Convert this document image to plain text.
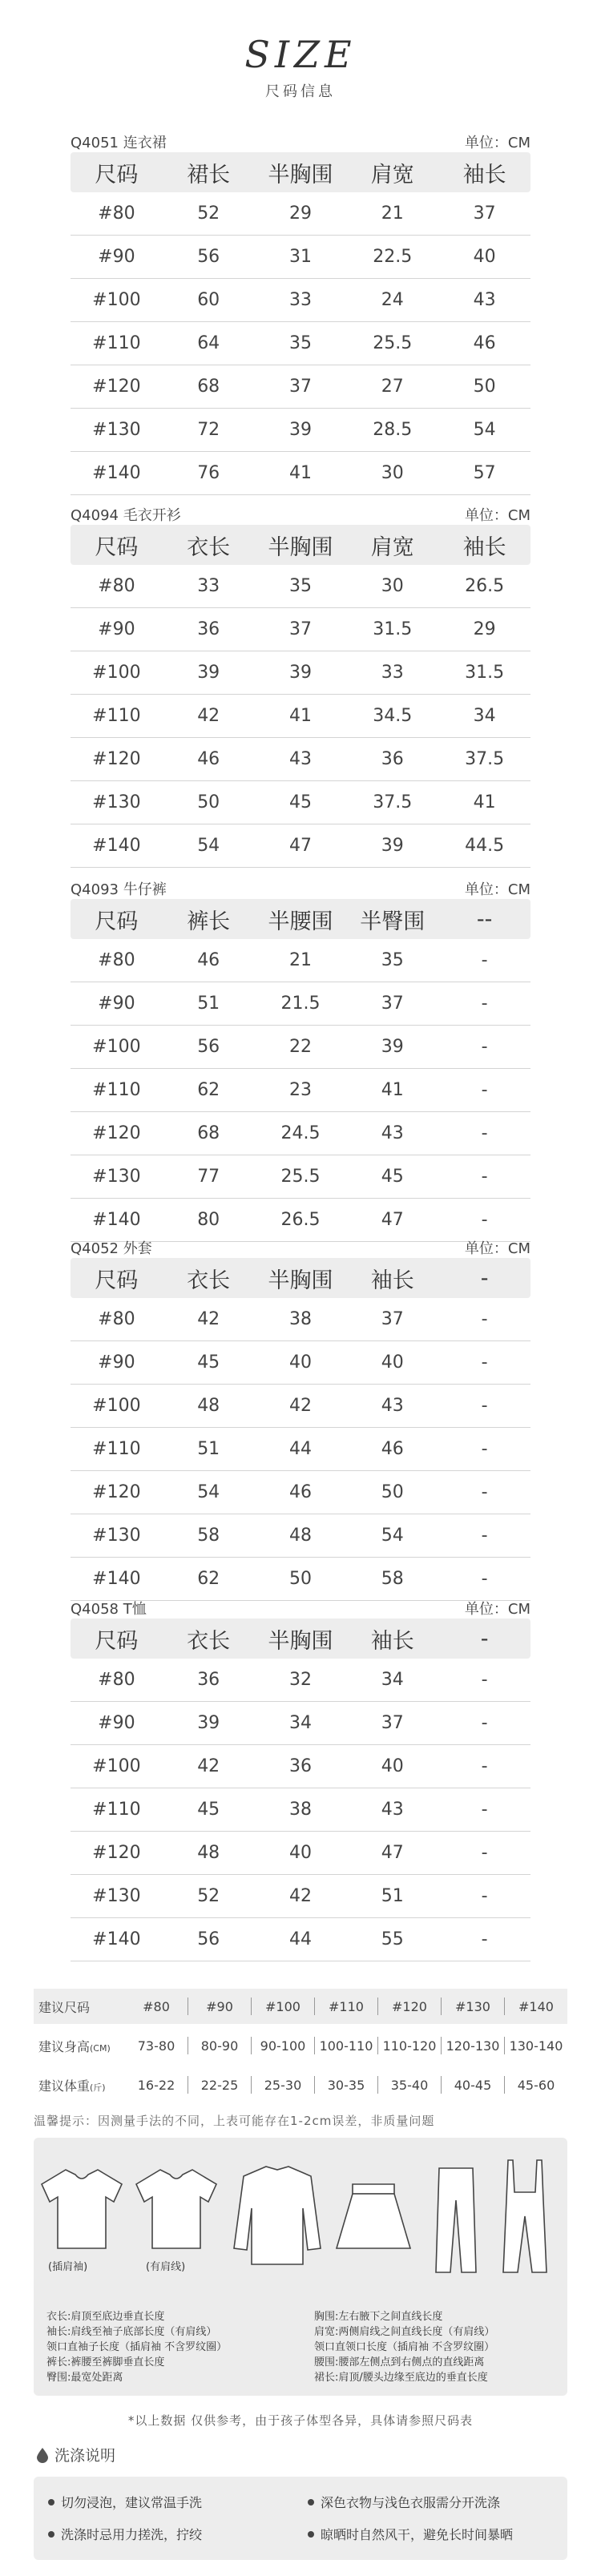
SIZE
尺码信息
Q4051 连衣裙	单位：CM
尺码	裙长	半胸围	肩宽	袖长
#80	52	29	21	37
#90	56	31	22.5	40
#100	60	33	24	43
#110	64	35	25.5	46
#120	68	37	27	50
#130	72	39	28.5	54
#140	76	41	30	57
Q4094 毛衣开衫	单位：CM
尺码	衣长	半胸围	肩宽	袖长
#80	33	35	30	26.5
#90	36	37	31.5	29
#100	39	39	33	31.5
#110	42	41	34.5	34
#120	46	43	36	37.5
#130	50	45	37.5	41
#140	54	47	39	44.5
Q4093 牛仔裤	单位：CM
尺码	裤长	半腰围	半臀围	--
#80	46	21	35	-
#90	51	21.5	37	-
#100	56	22	39	-
#110	62	23	41	-
#120	68	24.5	43	-
#130	77	25.5	45	-
#140	80	26.5	47	-
Q4052 外套	单位：CM
尺码	衣长	半胸围	袖长	-
#80	42	38	37	-
#90	45	40	40	-
#100	48	42	43	-
#110	51	44	46	-
#120	54	46	50	-
#130	58	48	54	-
#140	62	50	58	-
Q4058 T恤	单位：CM
尺码	衣长	半胸围	袖长	-
#80	36	32	34	-
#90	39	34	37	-
#100	42	36	40	-
#110	45	38	43	-
#120	48	40	47	-
#130	52	42	51	-
#140	56	44	55	-
建议尺码	#80	#90	#100	#110	#120	#130	#140
建议身高(CM)	73-80	80-90	90-100	100-110 110-120 120-130 130-140
建议体重(斤)	16-22	22-25	25-30	30-35	35-40	40-45	45-60
温馨提示：因测量手法的不同，上表可能存在1-2cm误差，非质量问题
(插肩袖)	(有肩线)
衣长:肩顶至底边垂直长度
袖长:肩线至袖子底部长度（有肩线）
领口直袖子长度（插肩袖 不含罗纹圈）
裤长:裤腰至裤脚垂直长度
臀围:最宽处距离
胸围:左右腋下之间直线长度
肩宽:两侧肩线之间直线长度（有肩线）
领口直领口长度（插肩袖 不含罗纹圈）
腰围:腰部左侧点到右侧点的直线距离
裙长:肩顶/腰头边缘至底边的垂直长度
*以上数据 仅供参考，由于孩子体型各异，具体请参照尺码表
洗涤说明
切勿浸泡，建议常温手洗	深色衣物与浅色衣服需分开洗涤
洗涤时忌用力搓洗，拧绞	晾晒时自然风干，避免长时间暴晒
